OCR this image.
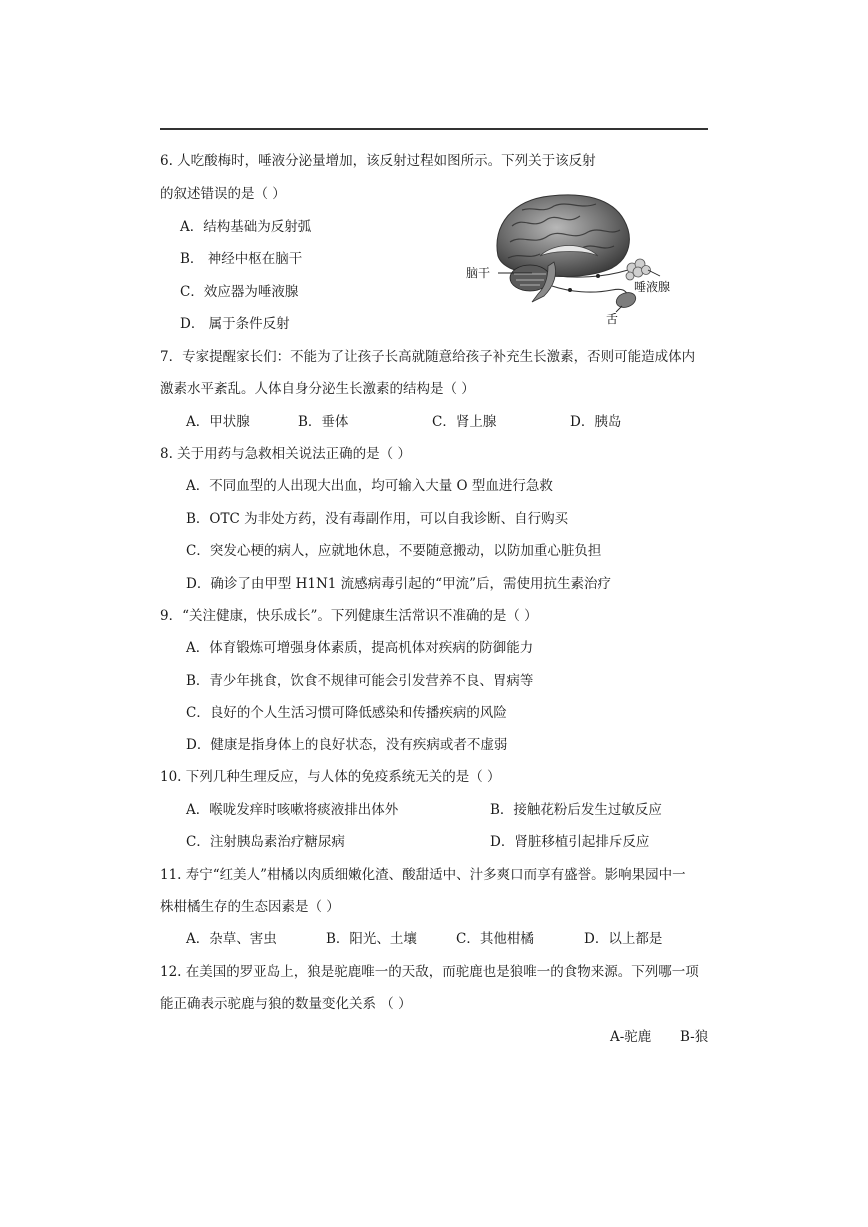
6. 人吃酸梅时，唾液分泌量增加，该反射过程如图所示。下列关于该反射
的叙述错误的是（ ）
A．结构基础为反射弧
B． 神经中枢在脑干
C．效应器为唾液腺
D． 属于条件反射
脑干
唾液腺
舌
7．专家提醒家长们：不能为了让孩子长高就随意给孩子补充生长激素，否则可能造成体内
激素水平紊乱。人体自身分泌生长激素的结构是（ ）
A．甲状腺	B．垂体	C．肾上腺	D．胰岛
8. 关于用药与急救相关说法正确的是（ ）
A．不同血型的人出现大出血，均可输入大量 O 型血进行急救
B．OTC 为非处方药，没有毒副作用，可以自我诊断、自行购买
C．突发心梗的病人，应就地休息，不要随意搬动，以防加重心脏负担
D．确诊了由甲型 H1N1 流感病毒引起的“甲流”后，需使用抗生素治疗
9．“关注健康，快乐成长”。下列健康生活常识不准确的是（ ）
A．体育锻炼可增强身体素质，提高机体对疾病的防御能力
B．青少年挑食，饮食不规律可能会引发营养不良、胃病等
C．良好的个人生活习惯可降低感染和传播疾病的风险
D．健康是指身体上的良好状态，没有疾病或者不虚弱
10. 下列几种生理反应，与人体的免疫系统无关的是（ ）
A．喉咙发痒时咳嗽将痰液排出体外	B．接触花粉后发生过敏反应
C．注射胰岛素治疗糖尿病	D．肾脏移植引起排斥反应
11. 寿宁“红美人”柑橘以肉质细嫩化渣、酸甜适中、汁多爽口而享有盛誉。影响果园中一
株柑橘生存的生态因素是（ ）
A．杂草、害虫	B．阳光、土壤	C．其他柑橘	D．以上都是
12. 在美国的罗亚岛上，狼是驼鹿唯一的天敌，而驼鹿也是狼唯一的食物来源。下列哪一项
能正确表示驼鹿与狼的数量变化关系 （ ）
A-驼鹿 B-狼
